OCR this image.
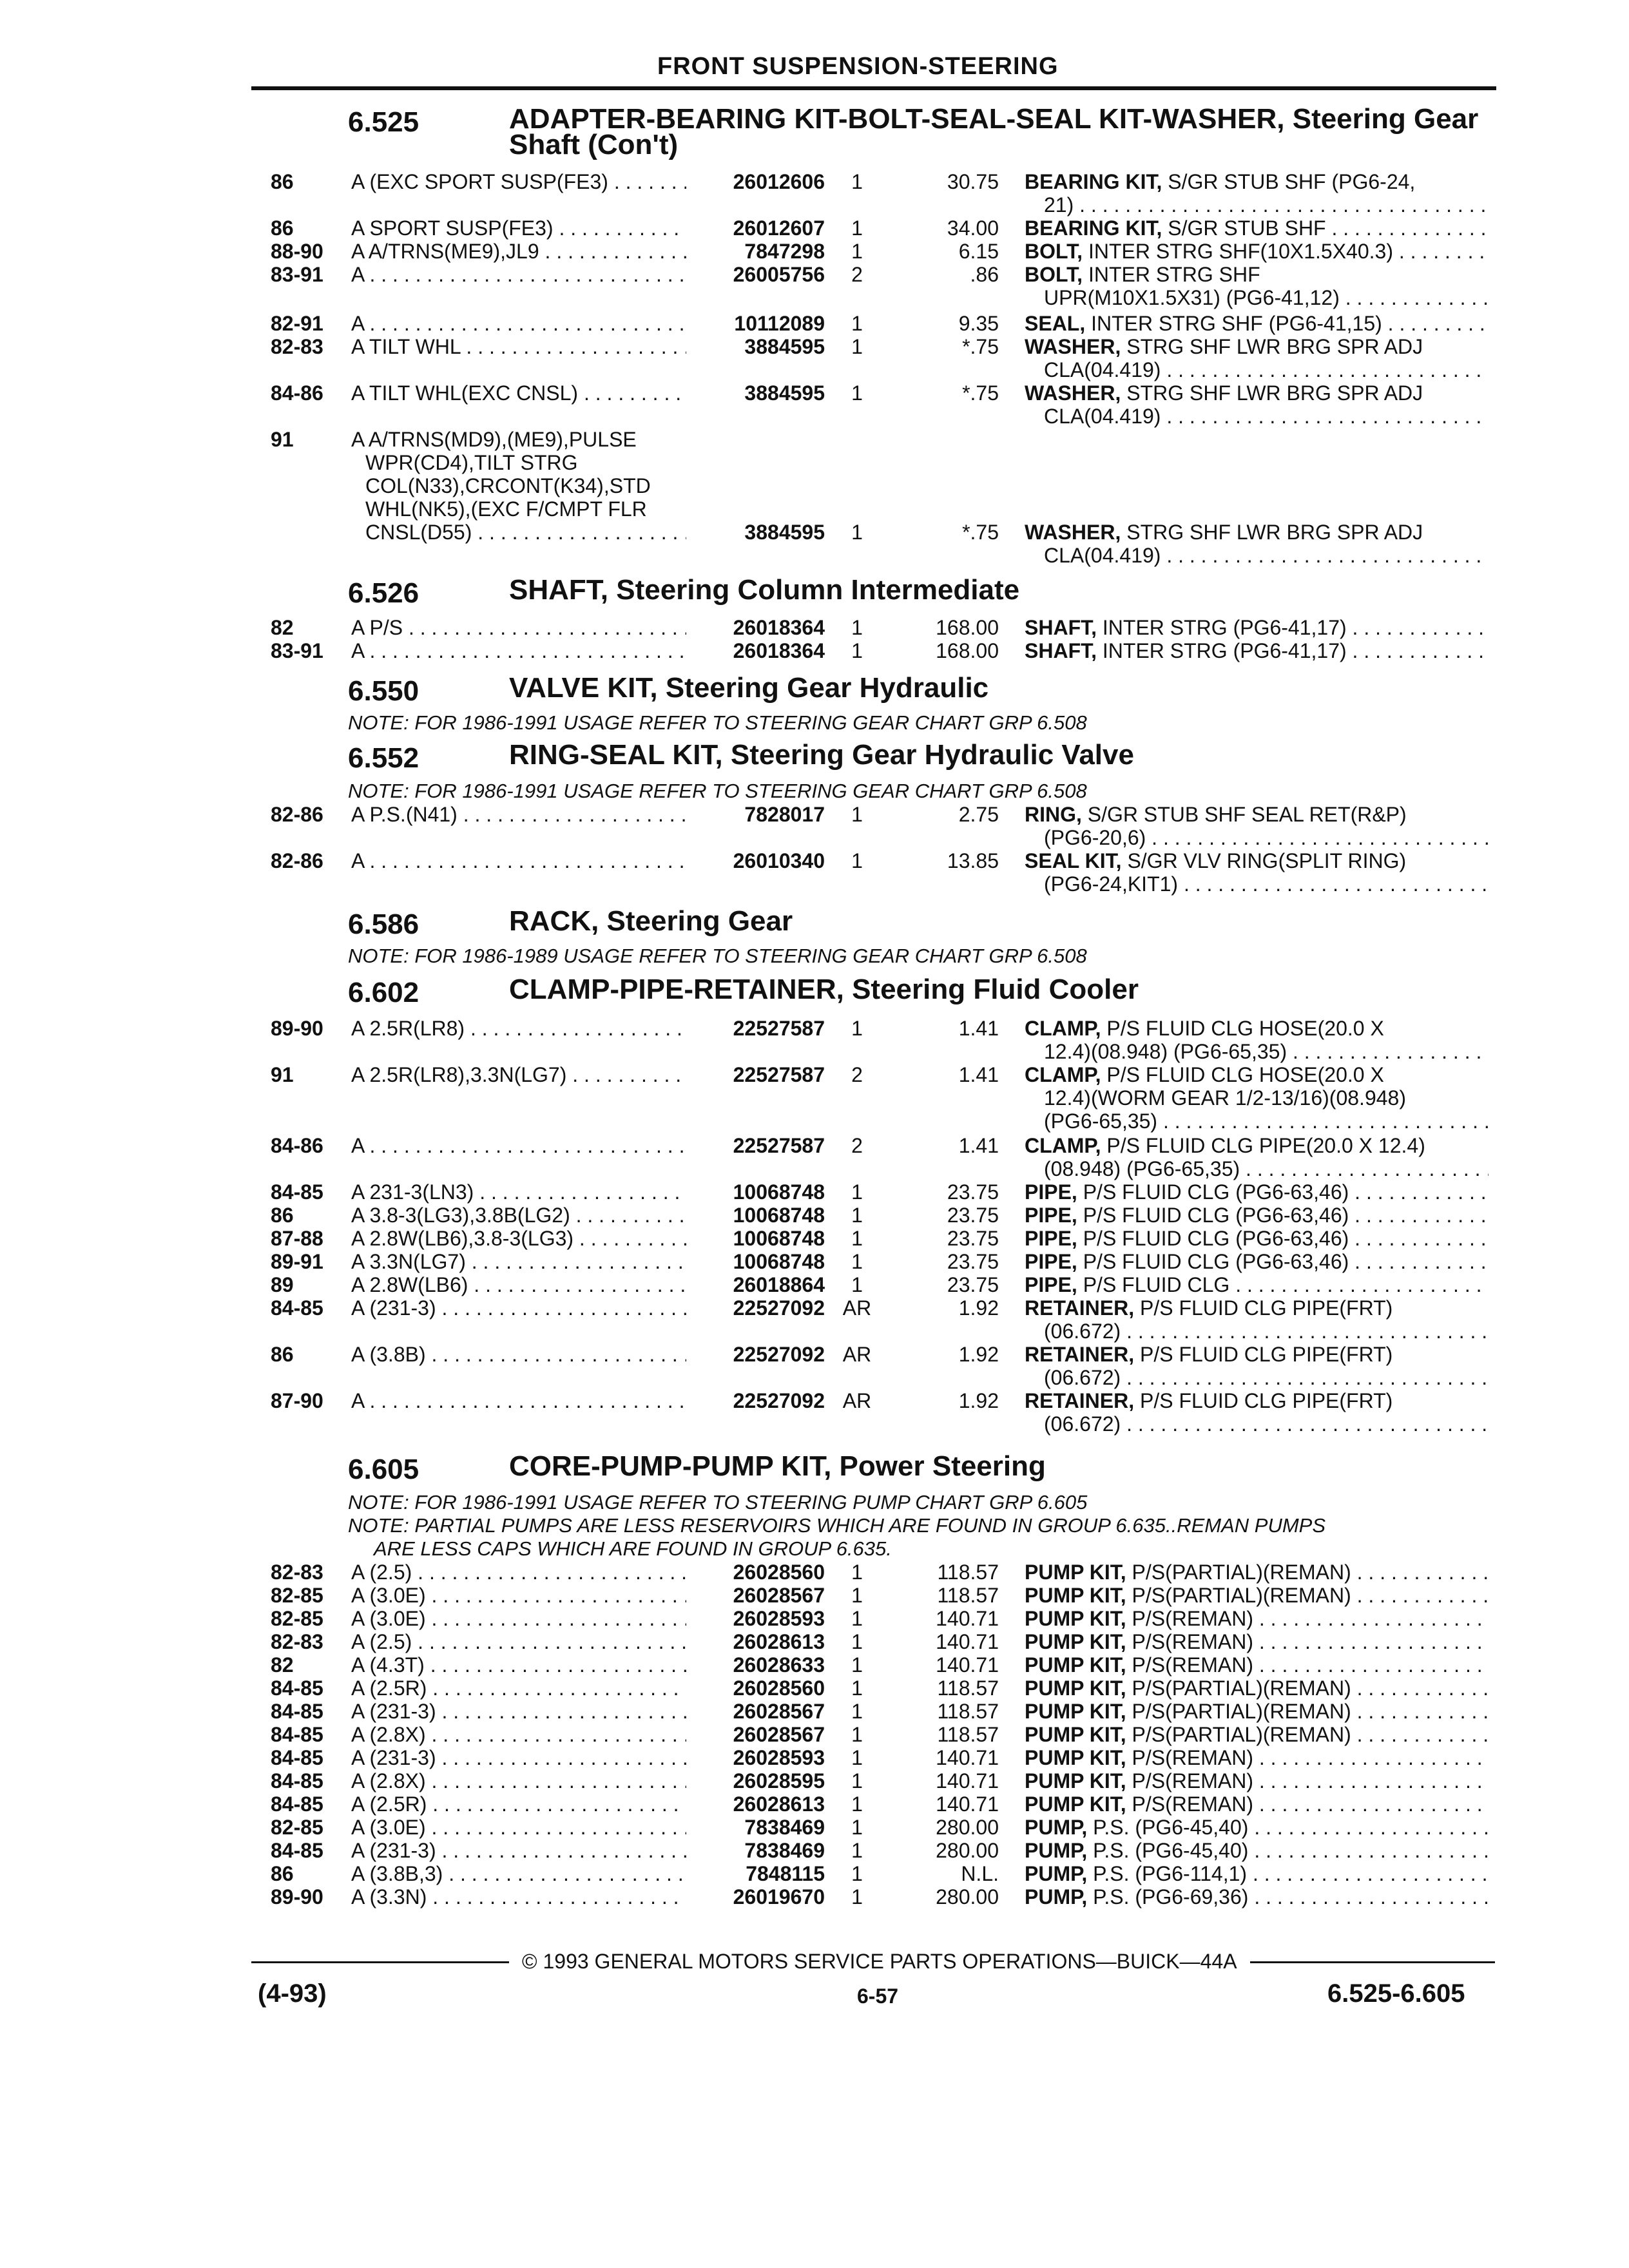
FRONT SUSPENSION-STEERING
6.525	ADAPTER-BEARING KIT-BOLT-SEAL-SEAL KIT-WASHER, Steering Gear Shaft (Con't)
86	A (EXC SPORT SUSP(FE3) . . .	26012606	1	30.75 BEARING KIT, S/GR STUB SHF (PG6-24,
21) . . .
86	A SPORT SUSP(FE3) . . .	26012607	1	34.00 BEARING KIT, S/GR STUB SHF . . .
88-90 A A/TRNS(ME9),JL9 . . .	7847298	1	6.15 BOLT, INTER STRG SHF(10X1.5X40.3) . . .
83-91 A . . .	26005756	2	.86 BOLT, INTER STRG SHF
UPR(M10X1.5X31) (PG6-41,12) . . .
82-91 A . . .	10112089	1	9.35 SEAL, INTER STRG SHF (PG6-41,15) . . .
82-83 A TILT WHL . . .	3884595	1	*.75 WASHER, STRG SHF LWR BRG SPR ADJ
CLA(04.419) . . .
84-86 A TILT WHL(EXC CNSL) . . .	3884595	1	*.75 WASHER, STRG SHF LWR BRG SPR ADJ
CLA(04.419) . . .
91	A A/TRNS(MD9),(ME9),PULSE
WPR(CD4),TILT STRG
COL(N33),CRCONT(K34),STD
WHL(NK5),(EXC F/CMPT FLR
CNSL(D55) . . .	3884595	1	*.75 WASHER, STRG SHF LWR BRG SPR ADJ
CLA(04.419) . . .
6.526	SHAFT, Steering Column Intermediate
82	A P/S . . .	26018364	1	168.00 SHAFT, INTER STRG (PG6-41,17) . . .
83-91 A . . .	26018364	1	168.00 SHAFT, INTER STRG (PG6-41,17) . . .
6.550	VALVE KIT, Steering Gear Hydraulic
NOTE: FOR 1986-1991 USAGE REFER TO STEERING GEAR CHART GRP 6.508
6.552	RING-SEAL KIT, Steering Gear Hydraulic Valve
NOTE: FOR 1986-1991 USAGE REFER TO STEERING GEAR CHART GRP 6.508
82-86 A P.S.(N41) . . .	7828017	1	2.75 RING, S/GR STUB SHF SEAL RET(R&P)
(PG6-20,6) . . .
82-86 A . . .	26010340	1	13.85 SEAL KIT, S/GR VLV RING(SPLIT RING)
(PG6-24,KIT1) . . .
6.586	RACK, Steering Gear
NOTE: FOR 1986-1989 USAGE REFER TO STEERING GEAR CHART GRP 6.508
6.602	CLAMP-PIPE-RETAINER, Steering Fluid Cooler
89-90 A 2.5R(LR8) . . .	22527587	1	1.41 CLAMP, P/S FLUID CLG HOSE(20.0 X
12.4)(08.948) (PG6-65,35) . . .
91	A 2.5R(LR8),3.3N(LG7) . . .	22527587	2	1.41 CLAMP, P/S FLUID CLG HOSE(20.0 X
12.4)(WORM GEAR 1/2-13/16)(08.948)
(PG6-65,35) . . .
84-86 A . . .	22527587	2	1.41 CLAMP, P/S FLUID CLG PIPE(20.0 X 12.4)
(08.948) (PG6-65,35) . . .
84-85 A 231-3(LN3) . . .	10068748	1	23.75 PIPE, P/S FLUID CLG (PG6-63,46) . . .
86	A 3.8-3(LG3),3.8B(LG2) . . .	10068748	1	23.75 PIPE, P/S FLUID CLG (PG6-63,46) . . .
87-88 A 2.8W(LB6),3.8-3(LG3) . . .	10068748	1	23.75 PIPE, P/S FLUID CLG (PG6-63,46) . . .
89-91 A 3.3N(LG7) . . .	10068748	1	23.75 PIPE, P/S FLUID CLG (PG6-63,46) . . .
89	A 2.8W(LB6) . . .	26018864	1	23.75 PIPE, P/S FLUID CLG . . .
84-85 A (231-3) . . .	22527092 AR	1.92 RETAINER, P/S FLUID CLG PIPE(FRT)
(06.672) . . .
86	A (3.8B) . . .	22527092 AR	1.92 RETAINER, P/S FLUID CLG PIPE(FRT)
(06.672) . . .
87-90 A . . .	22527092 AR	1.92 RETAINER, P/S FLUID CLG PIPE(FRT)
(06.672) . . .
6.605	CORE-PUMP-PUMP KIT, Power Steering
NOTE: FOR 1986-1991 USAGE REFER TO STEERING PUMP CHART GRP 6.605
NOTE: PARTIAL PUMPS ARE LESS RESERVOIRS WHICH ARE FOUND IN GROUP 6.635..REMAN PUMPS
ARE LESS CAPS WHICH ARE FOUND IN GROUP 6.635.
82-83 A (2.5) . . .	26028560	1	118.57 PUMP KIT, P/S(PARTIAL)(REMAN) . . .
82-85 A (3.0E) . . .	26028567	1	118.57 PUMP KIT, P/S(PARTIAL)(REMAN) . . .
82-85 A (3.0E) . . .	26028593	1	140.71 PUMP KIT, P/S(REMAN) . . .
82-83 A (2.5) . . .	26028613	1	140.71 PUMP KIT, P/S(REMAN) . . .
82	A (4.3T) . . .	26028633	1	140.71 PUMP KIT, P/S(REMAN) . . .
84-85 A (2.5R) . . .	26028560	1	118.57 PUMP KIT, P/S(PARTIAL)(REMAN) . . .
84-85 A (231-3) . . .	26028567	1	118.57 PUMP KIT, P/S(PARTIAL)(REMAN) . . .
84-85 A (2.8X) . . .	26028567	1	118.57 PUMP KIT, P/S(PARTIAL)(REMAN) . . .
84-85 A (231-3) . . .	26028593	1	140.71 PUMP KIT, P/S(REMAN) . . .
84-85 A (2.8X) . . .	26028595	1	140.71 PUMP KIT, P/S(REMAN) . . .
84-85 A (2.5R) . . .	26028613	1	140.71 PUMP KIT, P/S(REMAN) . . .
82-85 A (3.0E) . . .	7838469	1	280.00 PUMP, P.S. (PG6-45,40) . . .
84-85 A (231-3) . . .	7838469	1	280.00 PUMP, P.S. (PG6-45,40) . . .
86	A (3.8B,3) . . .	7848115	1	N.L. PUMP, P.S. (PG6-114,1) . . .
89-90 A (3.3N) . . .	26019670	1	280.00 PUMP, P.S. (PG6-69,36) . . .
© 1993 GENERAL MOTORS SERVICE PARTS OPERATIONS—BUICK—44A
(4-93)	6-57	6.525-6.605
